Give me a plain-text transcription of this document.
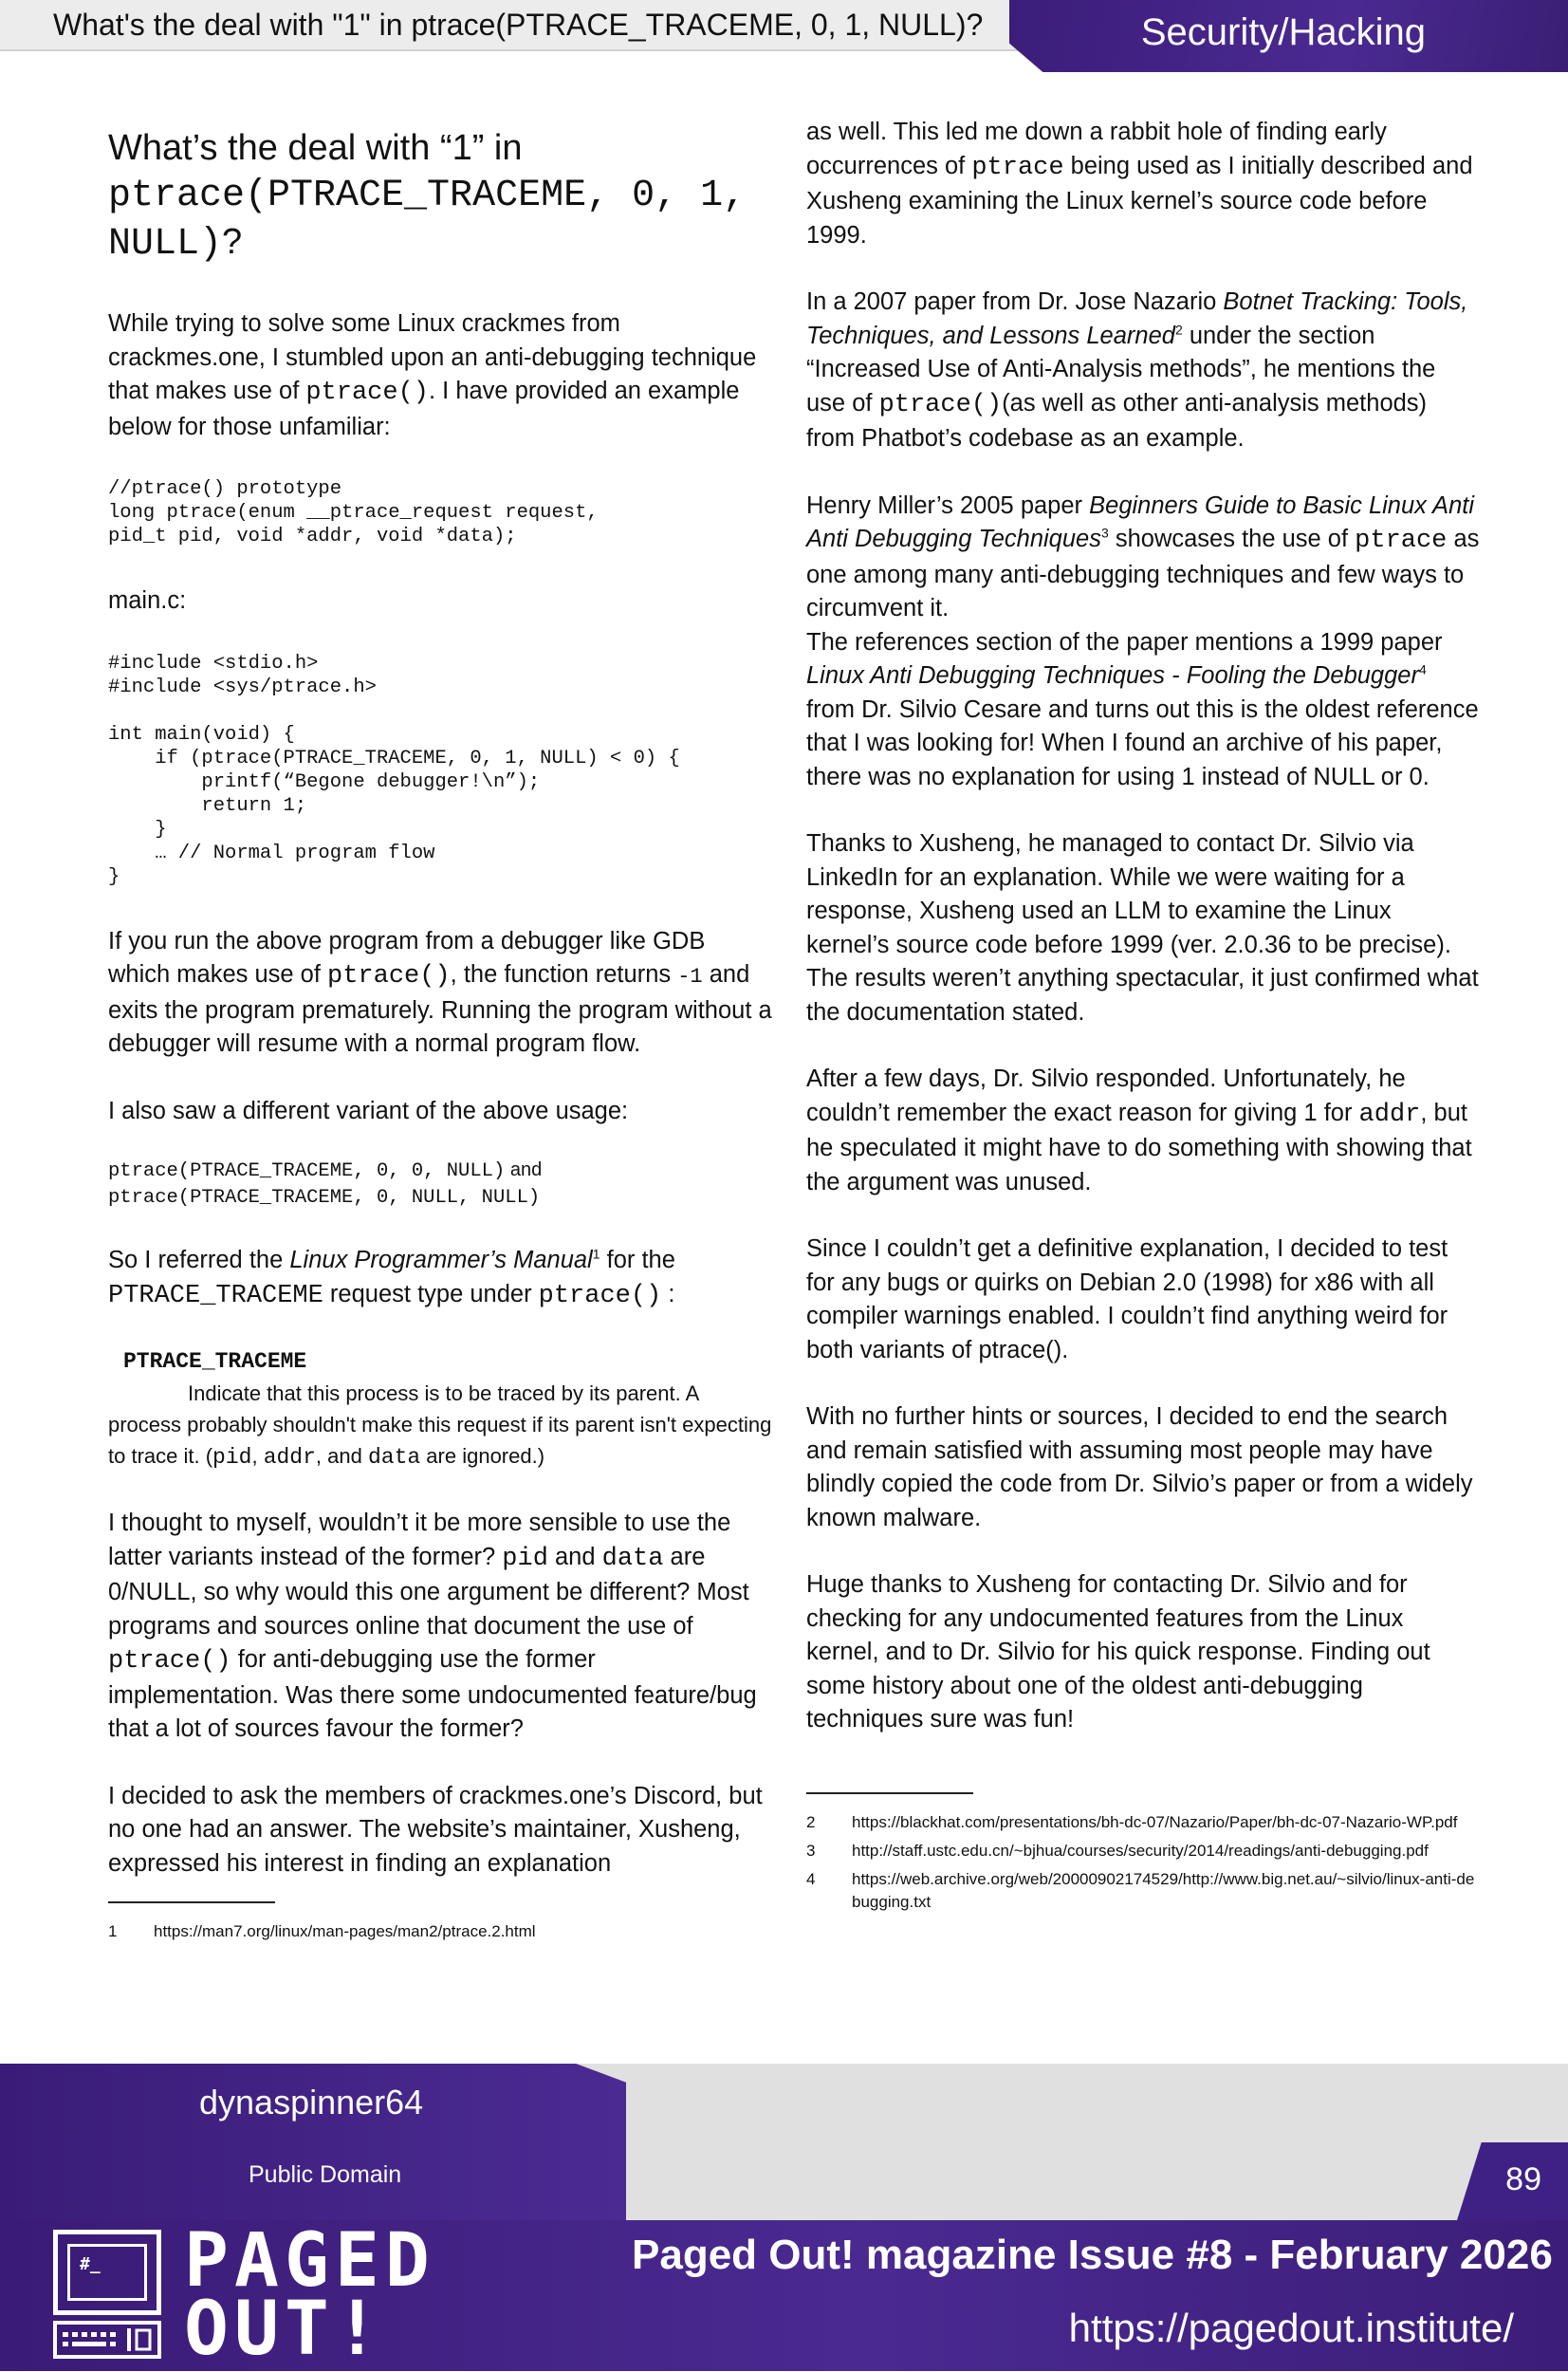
What's the deal with "1" in ptrace(PTRACE_TRACEME, 0, 1, NULL)?	Security/Hacking
What’s the deal with “1” in
ptrace(PTRACE_TRACEME, 0, 1, NULL)?

While trying to solve some Linux crackmes from crackmes.one, I stumbled upon an anti-debugging technique that makes use of ptrace(). I have provided an example below for those unfamiliar:

//ptrace() prototype
long ptrace(enum __ptrace_request request,
pid_t pid, void *addr, void *data);

main.c:

#include <stdio.h>
#include <sys/ptrace.h>

int main(void) {
if (ptrace(PTRACE_TRACEME, 0, 1, NULL) < 0) {
printf(“Begone debugger!\n”);
return 1;
}
… // Normal program flow
}

If you run the above program from a debugger like GDB which makes use of ptrace(), the function returns -1 and exits the program prematurely. Running the program without a debugger will resume with a normal program flow.

I also saw a different variant of the above usage:

ptrace(PTRACE_TRACEME, 0, 0, NULL) and
ptrace(PTRACE_TRACEME, 0, NULL, NULL)

So I referred the Linux Programmer’s Manual$^1$ for the PTRACE_TRACEME request type under ptrace() :

PTRACE_TRACEME
Indicate that this process is to be traced by its parent. A process probably shouldn't make this request if its parent isn't expecting to trace it. (pid, addr, and data are ignored.)

I thought to myself, wouldn’t it be more sensible to use the latter variants instead of the former? pid and data are 0/NULL, so why would this one argument be different? Most programs and sources online that document the use of ptrace() for anti-debugging use the former implementation. Was there some undocumented feature/bug that a lot of sources favour the former?

I decided to ask the members of crackmes.one’s Discord, but no one had an answer. The website’s maintainer, Xusheng, expressed his interest in finding an explanation

1	https://man7.org/linux/man-pages/man2/ptrace.2.html

as well. This led me down a rabbit hole of finding early occurrences of ptrace being used as I initially described and Xusheng examining the Linux kernel’s source code before 1999.

In a 2007 paper from Dr. Jose Nazario Botnet Tracking: Tools, Techniques, and Lessons Learned$^2$ under the section “Increased Use of Anti-Analysis methods”, he mentions the use of ptrace()(as well as other anti-analysis methods) from Phatbot’s codebase as an example.

Henry Miller’s 2005 paper Beginners Guide to Basic Linux Anti Anti Debugging Techniques$^3$ showcases the use of ptrace as one among many anti-debugging techniques and few ways to circumvent it.
The references section of the paper mentions a 1999 paper Linux Anti Debugging Techniques - Fooling the Debugger$^4$ from Dr. Silvio Cesare and turns out this is the oldest reference that I was looking for! When I found an archive of his paper, there was no explanation for using 1 instead of NULL or 0.

Thanks to Xusheng, he managed to contact Dr. Silvio via LinkedIn for an explanation. While we were waiting for a response, Xusheng used an LLM to examine the Linux kernel’s source code before 1999 (ver. 2.0.36 to be precise). The results weren’t anything spectacular, it just confirmed what the documentation stated.

After a few days, Dr. Silvio responded. Unfortunately, he couldn’t remember the exact reason for giving 1 for addr, but he speculated it might have to do something with showing that the argument was unused.

Since I couldn’t get a definitive explanation, I decided to test for any bugs or quirks on Debian 2.0 (1998) for x86 with all compiler warnings enabled. I couldn’t find anything weird for both variants of ptrace().

With no further hints or sources, I decided to end the search and remain satisfied with assuming most people may have blindly copied the code from Dr. Silvio’s paper or from a widely known malware.

Huge thanks to Xusheng for contacting Dr. Silvio and for checking for any undocumented features from the Linux kernel, and to Dr. Silvio for his quick response. Finding out some history about one of the oldest anti-debugging techniques sure was fun!

2	https://blackhat.com/presentations/bh-dc-07/Nazario/Paper/bh-dc-07-Nazario-WP.pdf
3	http://staff.ustc.edu.cn/~bjhua/courses/security/2014/readings/anti-debugging.pdf
4	https://web.archive.org/web/20000902174529/http://www.big.net.au/~silvio/linux-anti-debugging.txt
dynaspinner64
Public Domain	89
#_ PAGED
OUT!
Paged Out! magazine Issue #8 - February 2026
https://pagedout.institute/
